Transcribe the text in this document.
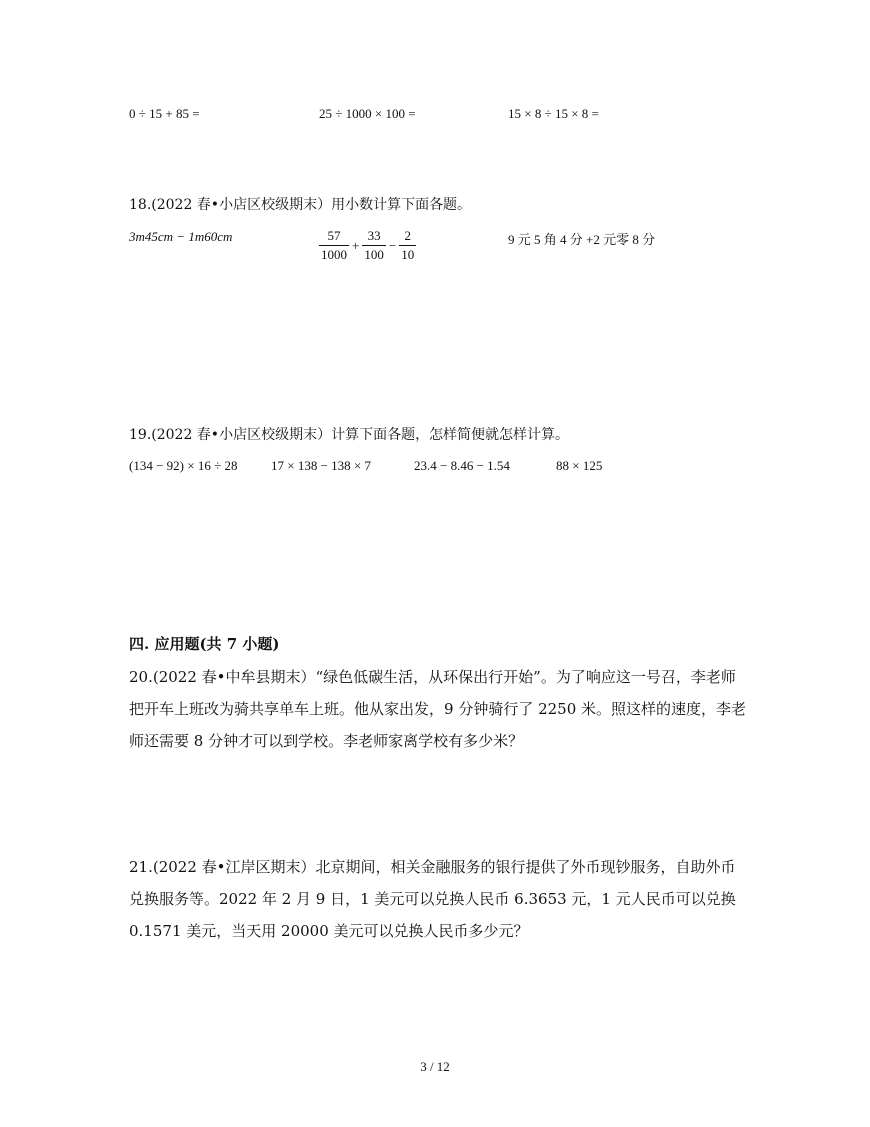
0 ÷ 15 + 85 =	25 ÷ 1000 × 100 =	15 × 8 ÷ 15 × 8 =
18.(2022 春•小店区校级期末）用小数计算下面各题。
3m45cm − 1m60cm	$\frac{57}{1000} + \frac{33}{100} - \frac{2}{10}$	9 元 5 角 4 分 +2 元零 8 分
19.(2022 春•小店区校级期末）计算下面各题，怎样简便就怎样计算。
(134 − 92) × 16 ÷ 28	17 × 138 − 138 × 7	23.4 − 8.46 − 1.54	88 × 125
四. 应用题(共 7 小题)
20.(2022 春•中牟县期末）“绿色低碳生活，从环保出行开始”。为了响应这一号召，李老师把开车上班改为骑共享单车上班。他从家出发，9 分钟骑行了 2250 米。照这样的速度，李老师还需要 8 分钟才可以到学校。李老师家离学校有多少米？
21.(2022 春•江岸区期末）北京期间，相关金融服务的银行提供了外币现钞服务，自助外币兑换服务等。2022 年 2 月 9 日，1 美元可以兑换人民币 6.3653 元，1 元人民币可以兑换 0.1571 美元，当天用 20000 美元可以兑换人民币多少元？
3 / 12
